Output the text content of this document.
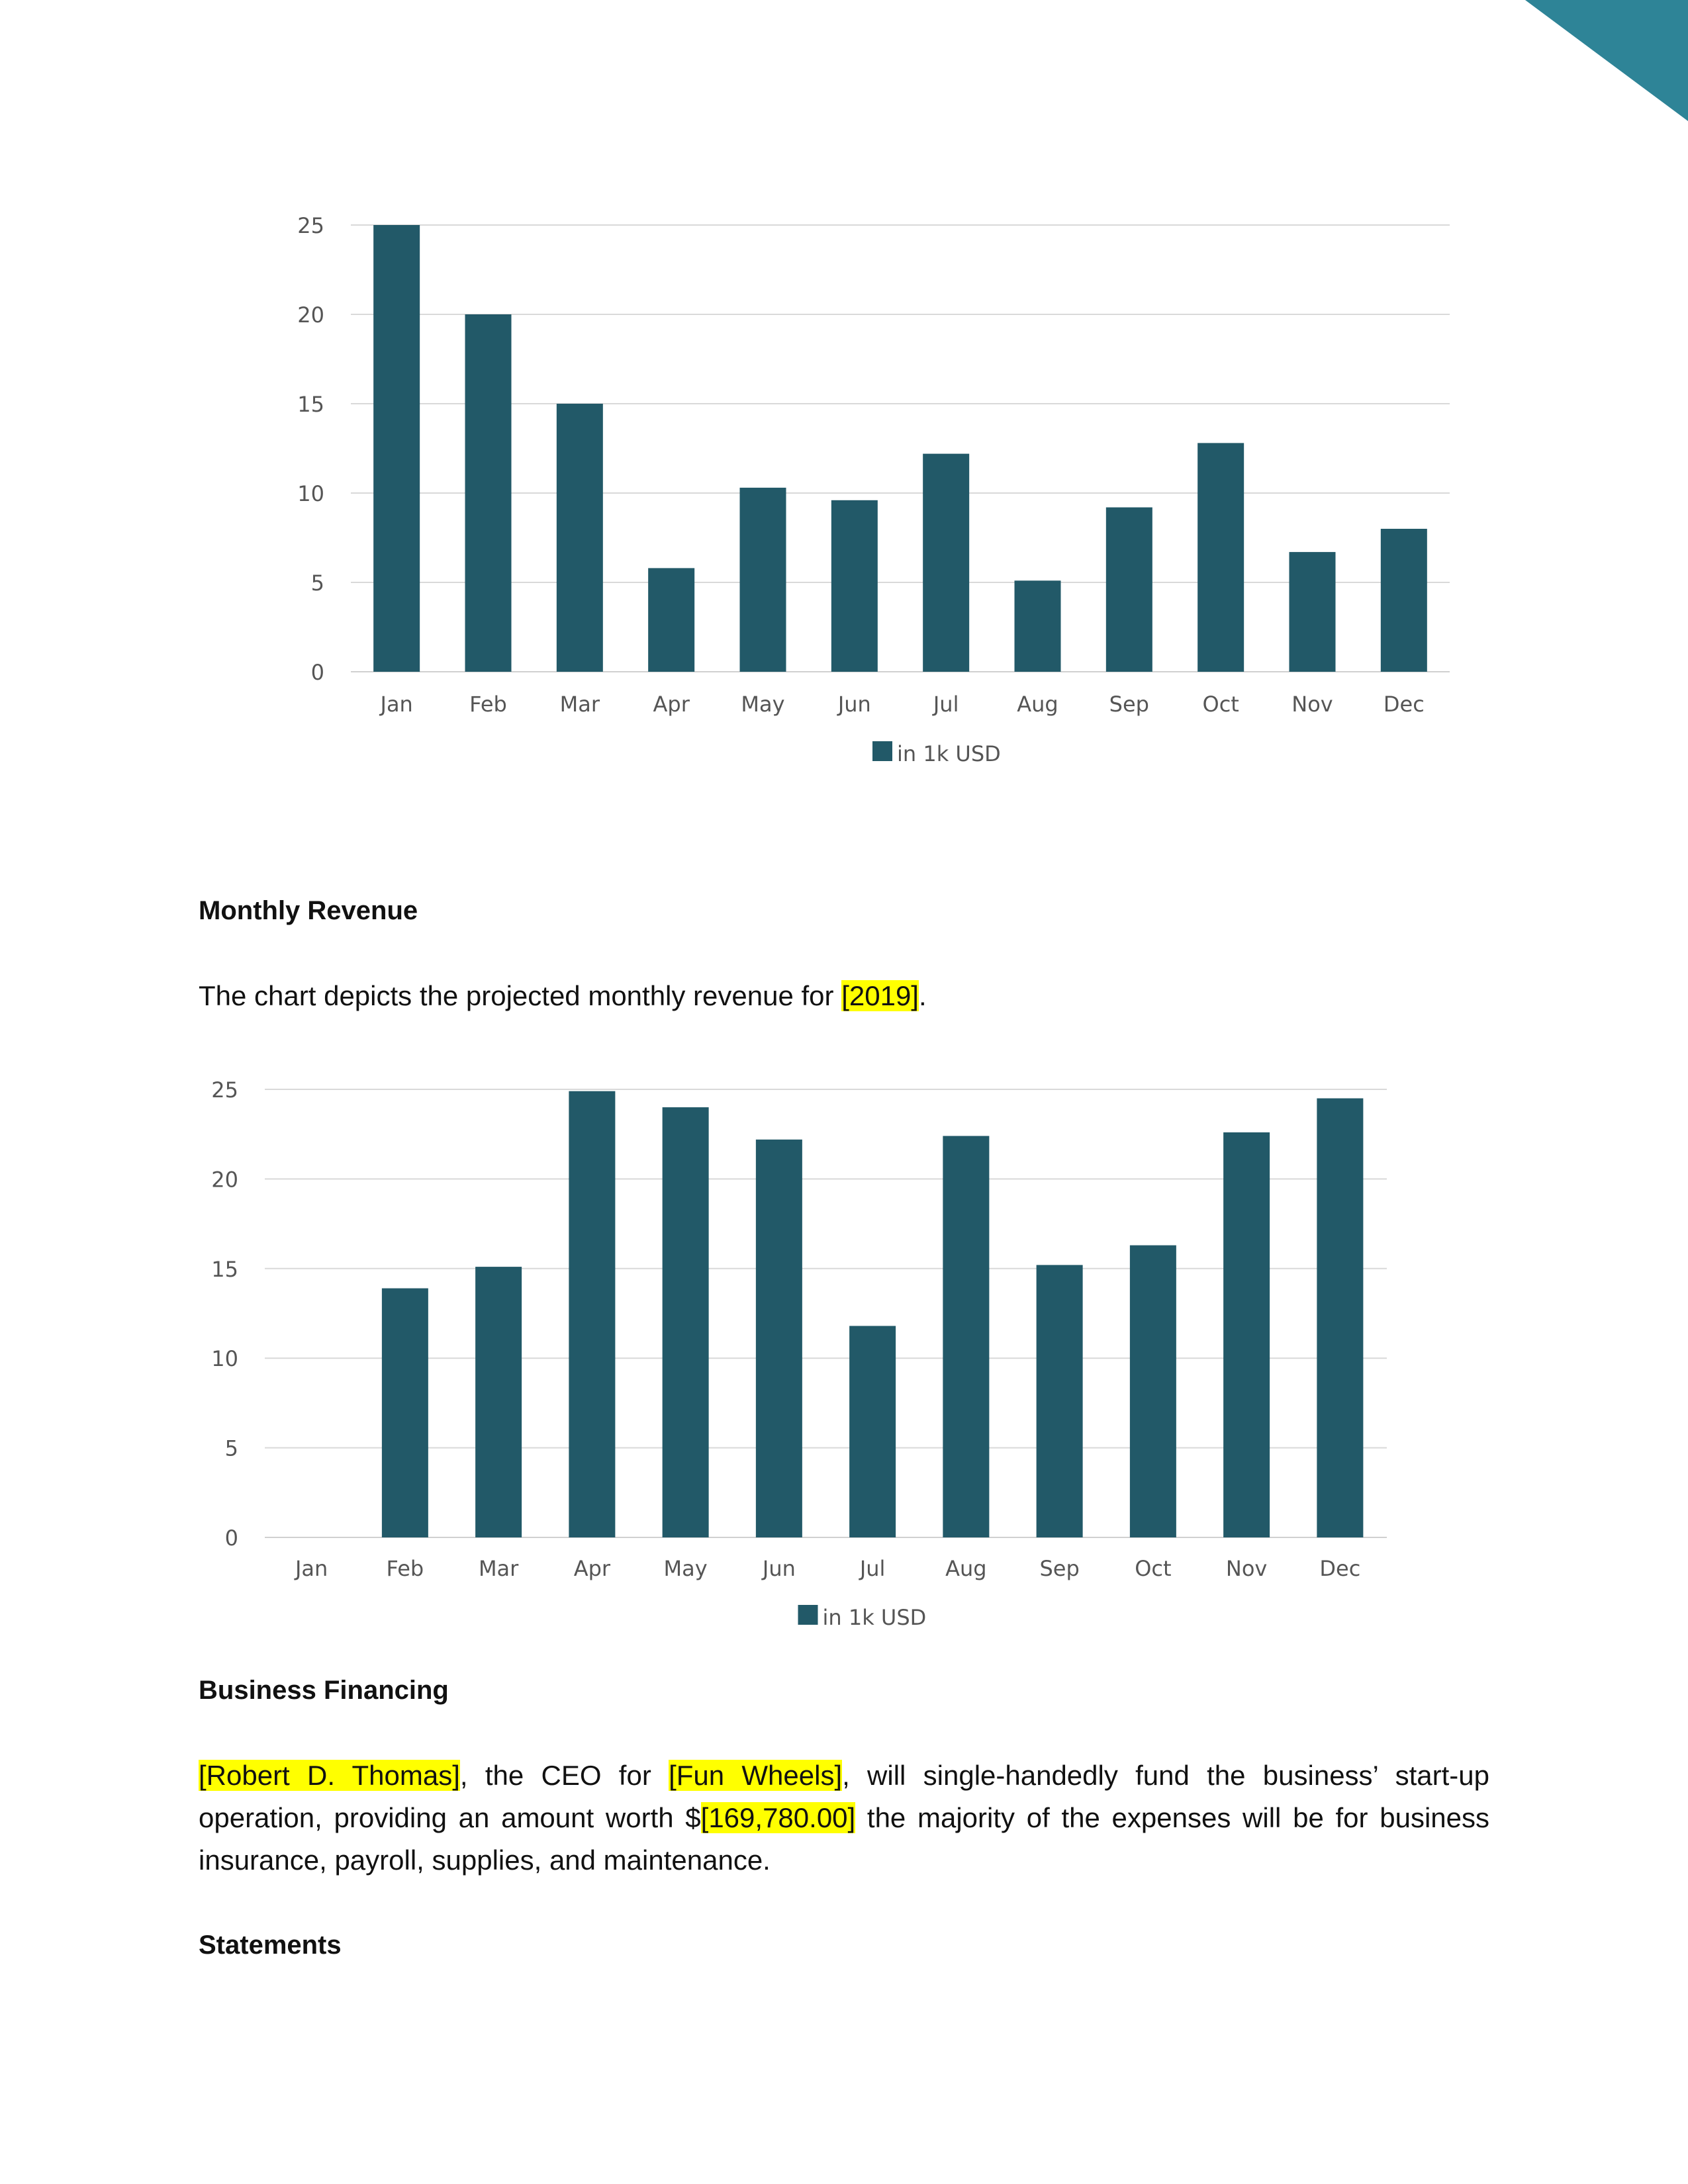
0
5
10
15
20
25
Jan	Feb Mar	Apr May	Jun	Jul	Aug Sep	Oct Nov Dec
in 1k USD
Monthly Revenue

The chart depicts the projected monthly revenue for [2019].

0
5
10
15
20
25
Jan	Feb	Mar	Apr	May	Jun	Jul	Aug Sep	Oct	Nov Dec
in 1k USD
Business Financing

[Robert D. Thomas], the CEO for [Fun Wheels], will single-handedly fund the business’ start-up operation, providing an amount worth $[169,780.00] the majority of the expenses will be for business insurance, payroll, supplies, and maintenance.

Statements
